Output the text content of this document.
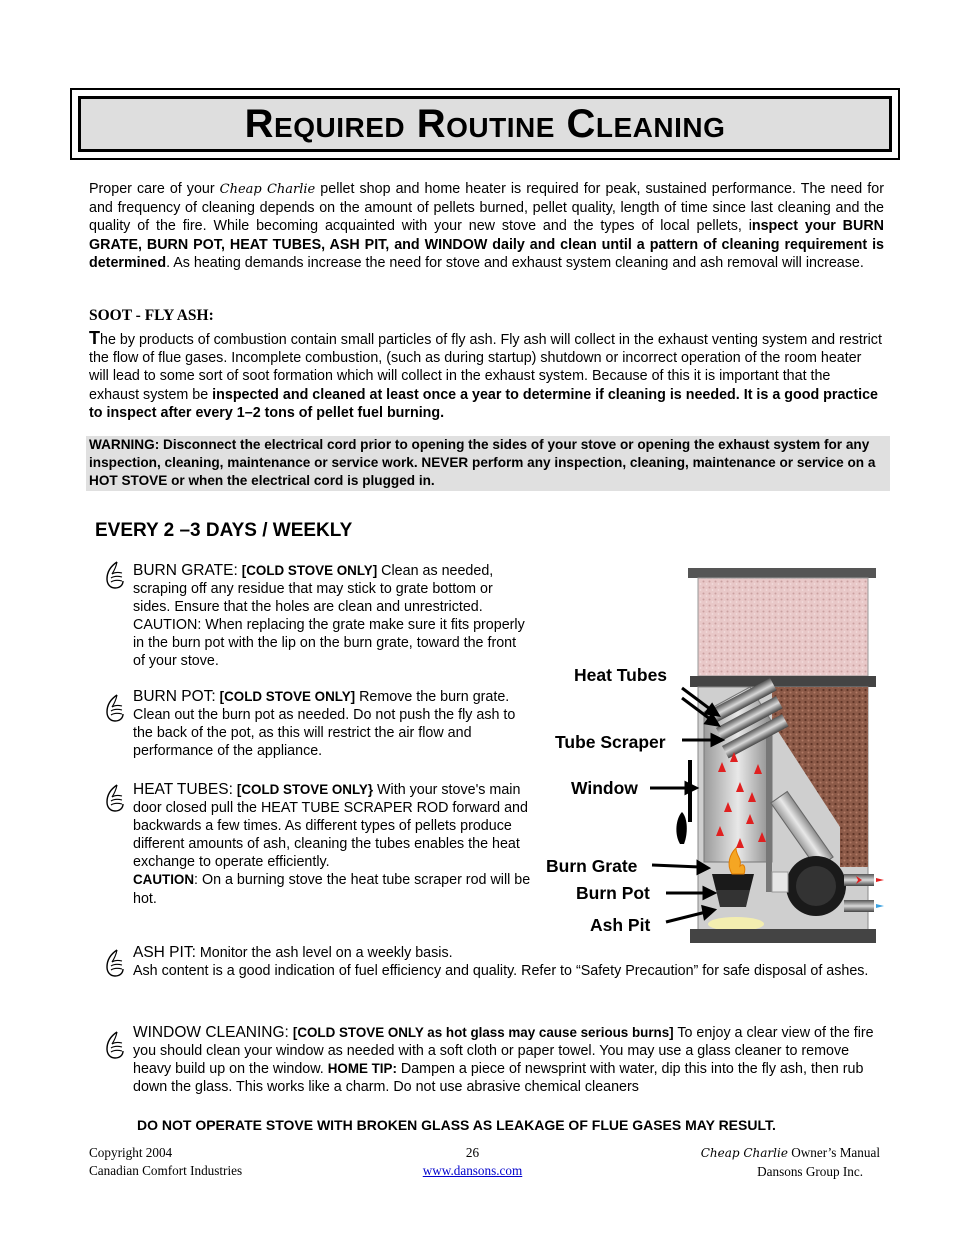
Required Routine Cleaning
Proper care of your Cheap Charlie pellet shop and home heater is required for peak, sustained performance. The need for and frequency of cleaning depends on the amount of pellets burned, pellet quality, length of time since last cleaning and the quality of the fire. While becoming acquainted with your new stove and the types of local pellets, inspect your BURN GRATE, BURN POT, HEAT TUBES, ASH PIT, and WINDOW daily and clean until a pattern of cleaning requirement is determined. As heating demands increase the need for stove and exhaust system cleaning and ash removal will increase.
SOOT - FLY ASH:
The by products of combustion contain small particles of fly ash. Fly ash will collect in the exhaust venting system and restrict the flow of flue gases. Incomplete combustion, (such as during startup) shutdown or incorrect operation of the room heater will lead to some sort of soot formation which will collect in the exhaust system. Because of this it is important that the exhaust system be inspected and cleaned at least once a year to determine if cleaning is needed. It is a good practice to inspect after every 1–2 tons of pellet fuel burning.
WARNING: Disconnect the electrical cord prior to opening the sides of your stove or opening the exhaust system for any inspection, cleaning, maintenance or service work. NEVER perform any inspection, cleaning, maintenance or service on a HOT STOVE or when the electrical cord is plugged in.
EVERY 2 –3 DAYS / WEEKLY
BURN GRATE: [COLD STOVE ONLY] Clean as needed, scraping off any residue that may stick to grate bottom or sides. Ensure that the holes are clean and unrestricted. CAUTION: When replacing the grate make sure it fits properly in the burn pot with the lip on the burn grate, toward the front of your stove.
BURN POT: [COLD STOVE ONLY] Remove the burn grate. Clean out the burn pot as needed. Do not push the fly ash to the back of the pot, as this will restrict the air flow and performance of the appliance.
HEAT TUBES: [COLD STOVE ONLY} With your stove's main door closed pull the HEAT TUBE SCRAPER ROD forward and backwards a few times. As different types of pellets produce different amounts of ash, cleaning the tubes enables the heat exchange to operate efficiently.
CAUTION: On a burning stove the heat tube scraper rod will be hot.
ASH PIT: Monitor the ash level on a weekly basis.
Ash content is a good indication of fuel efficiency and quality. Refer to “Safety Precaution” for safe disposal of ashes.
WINDOW CLEANING: [COLD STOVE ONLY as hot glass may cause serious burns] To enjoy a clear view of the fire you should clean your window as needed with a soft cloth or paper towel. You may use a glass cleaner to remove heavy build up on the window. HOME TIP: Dampen a piece of newsprint with water, dip this into the fly ash, then rub down the glass. This works like a charm. Do not use abrasive chemical cleaners
DO NOT OPERATE STOVE WITH BROKEN GLASS AS LEAKAGE OF FLUE GASES MAY RESULT.
Heat Tubes
Tube Scraper
Window
Burn Grate
Burn Pot
Ash Pit
Copyright 2004
Canadian Comfort Industries
26
www.dansons.com
Cheap Charlie Owner’s Manual
Dansons Group Inc.
